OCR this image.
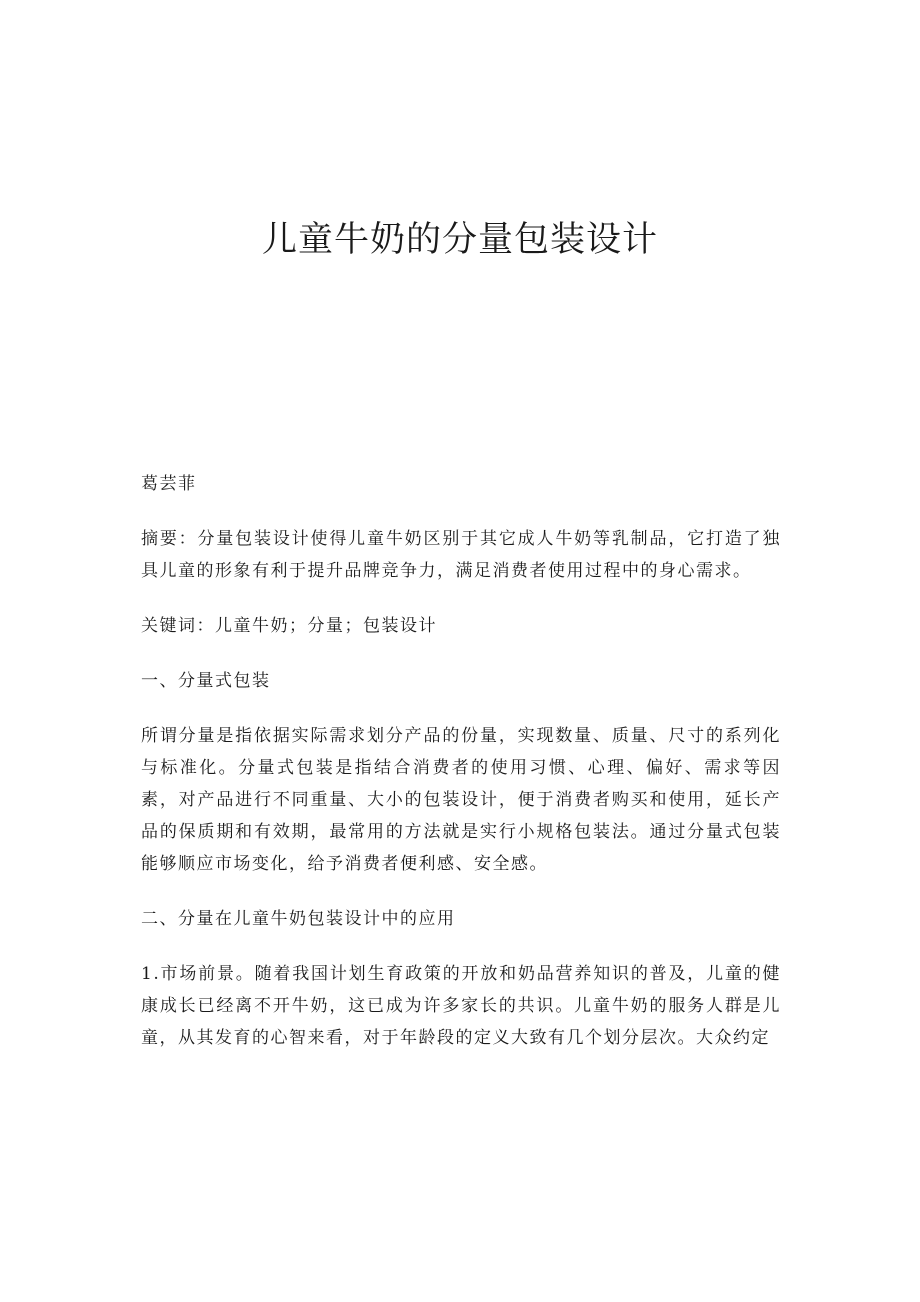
儿童牛奶的分量包装设计

葛芸菲

摘要：分量包装设计使得儿童牛奶区别于其它成人牛奶等乳制品，它打造了独具儿童的形象有利于提升品牌竞争力，满足消费者使用过程中的身心需求。

关键词：儿童牛奶；分量；包装设计

一、分量式包装

所谓分量是指依据实际需求划分产品的份量，实现数量、质量、尺寸的系列化与标准化。分量式包装是指结合消费者的使用习惯、心理、偏好、需求等因素，对产品进行不同重量、大小的包装设计，便于消费者购买和使用，延长产品的保质期和有效期，最常用的方法就是实行小规格包装法。通过分量式包装能够顺应市场变化，给予消费者便利感、安全感。

二、分量在儿童牛奶包装设计中的应用

1.市场前景。随着我国计划生育政策的开放和奶品营养知识的普及，儿童的健康成长已经离不开牛奶，这已成为许多家长的共识。儿童牛奶的服务人群是儿童，从其发育的心智来看，对于年龄段的定义大致有几个划分层次。大众约定
